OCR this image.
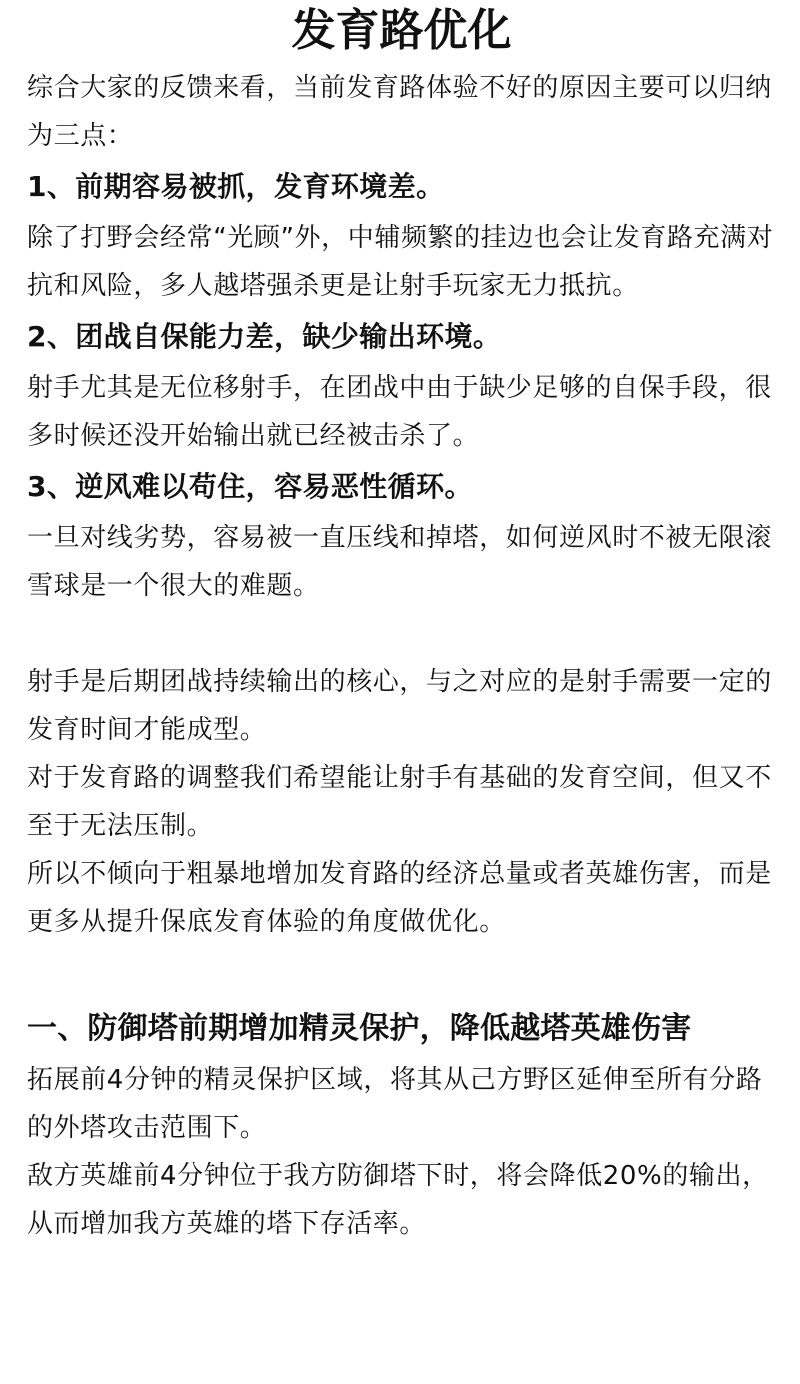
发育路优化

综合大家的反馈来看，当前发育路体验不好的原因主要可以归纳为三点：

1、前期容易被抓，发育环境差。

除了打野会经常“光顾”外，中辅频繁的挂边也会让发育路充满对抗和风险，多人越塔强杀更是让射手玩家无力抵抗。

2、团战自保能力差，缺少输出环境。

射手尤其是无位移射手，在团战中由于缺少足够的自保手段，很多时候还没开始输出就已经被击杀了。

3、逆风难以苟住，容易恶性循环。

一旦对线劣势，容易被一直压线和掉塔，如何逆风时不被无限滚雪球是一个很大的难题。

射手是后期团战持续输出的核心，与之对应的是射手需要一定的发育时间才能成型。

对于发育路的调整我们希望能让射手有基础的发育空间，但又不至于无法压制。

所以不倾向于粗暴地增加发育路的经济总量或者英雄伤害，而是更多从提升保底发育体验的角度做优化。

一、防御塔前期增加精灵保护，降低越塔英雄伤害

拓展前4分钟的精灵保护区域，将其从己方野区延伸至所有分路的外塔攻击范围下。

敌方英雄前4分钟位于我方防御塔下时，将会降低20%的输出，从而增加我方英雄的塔下存活率。
